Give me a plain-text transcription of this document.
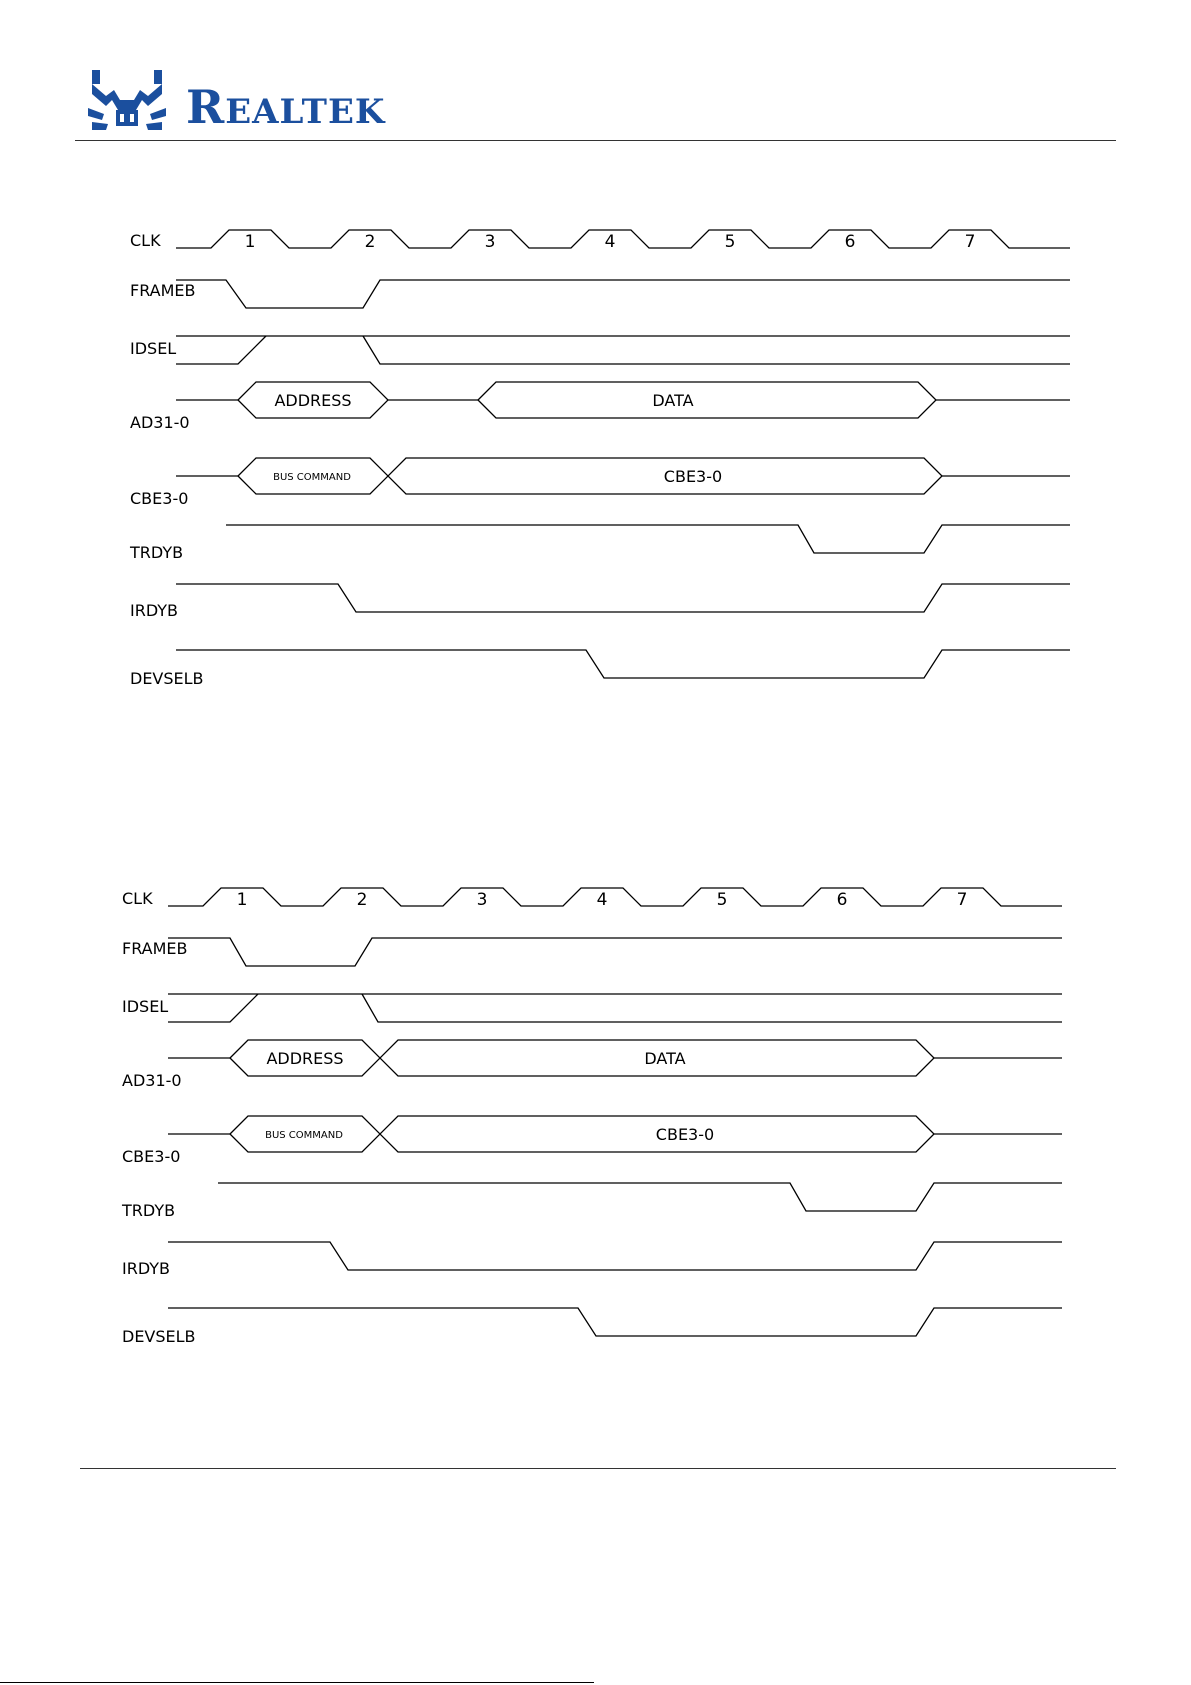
REALTEK
CLK
FRAMEB
IDSEL
AD31-0
CBE3-0
TRDYB
IRDYB
DEVSELB
1	2	3	4	5	6	7
ADDRESS	DATA
BUS COMMAND	CBE3-0
CLK
FRAMEB
IDSEL
AD31-0
CBE3-0
TRDYB
IRDYB
DEVSELB
1	2	3	4	5	6	7
ADDRESS	DATA
BUS COMMAND	CBE3-0
